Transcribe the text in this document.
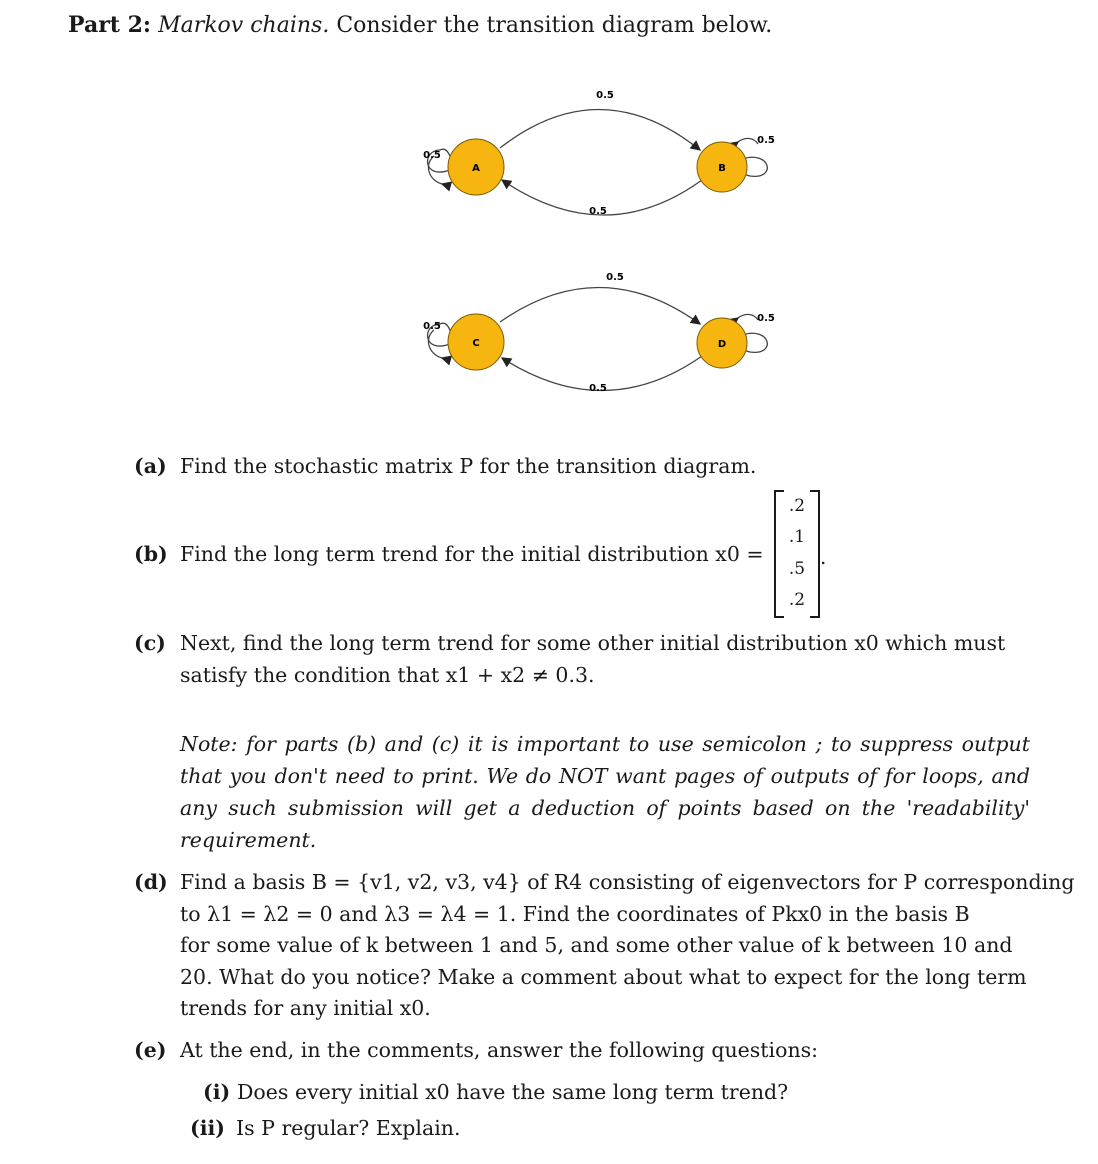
Part 2: Markov chains. Consider the transition diagram below.
A	B
0.5
0.5
0.5
0.5
C	D
0.5
0.5
0.5
0.5
(a) Find the stochastic matrix P for the transition diagram.
(b) Find the long term trend for the initial distribution x0 =
.2
.1
.5
.2
.
(c) Next, find the long term trend for some other initial distribution x0 which must
satisfy the condition that x1 + x2 ≠ 0.3.
Note: for parts (b) and (c) it is important to use semicolon ; to suppress output that you don't need to print. We do NOT want pages of outputs of for loops, and any such submission will get a deduction of points based on the 'readability' requirement.
(d) Find a basis B = {v1, v2, v3, v4} of R4 consisting of eigenvectors for P corresponding
to λ1 = λ2 = 0 and λ3 = λ4 = 1. Find the coordinates of Pkx0 in the basis B
for some value of k between 1 and 5, and some other value of k between 10 and
20. What do you notice? Make a comment about what to expect for the long term
trends for any initial x0.
(e) At the end, in the comments, answer the following questions:
(i) Does every initial x0 have the same long term trend?
(ii) Is P regular? Explain.
